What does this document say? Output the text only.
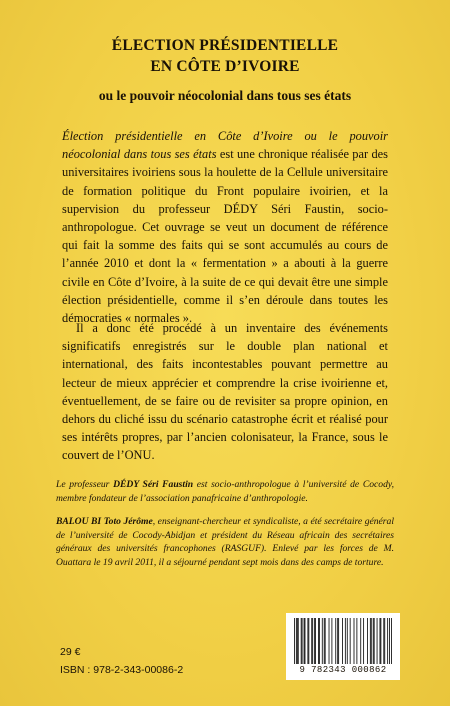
ÉLECTION PRÉSIDENTIELLE
EN CÔTE D’IVOIRE
ou le pouvoir néocolonial dans tous ses états
Élection présidentielle en Côte d’Ivoire ou le pouvoir néocolonial dans tous ses états est une chronique réalisée par des universitaires ivoiriens sous la houlette de la Cellule universitaire de formation politique du Front populaire ivoirien, et la supervision du professeur DÉDY Séri Faustin, socio-anthropologue. Cet ouvrage se veut un document de référence qui fait la somme des faits qui se sont accumulés au cours de l’année 2010 et dont la « fermentation » a abouti à la guerre civile en Côte d’Ivoire, à la suite de ce qui devait être une simple élection présidentielle, comme il s’en déroule dans toutes les démocraties « normales ».
Il a donc été procédé à un inventaire des événements significatifs enregistrés sur le double plan national et international, des faits incontestables pouvant permettre au lecteur de mieux apprécier et comprendre la crise ivoirienne et, éventuellement, de se faire ou de revisiter sa propre opinion, en dehors du cliché issu du scénario catastrophe écrit et réalisé pour ses intérêts propres, par l’ancien colonisateur, la France, sous le couvert de l’ONU.
Le professeur DÉDY Séri Faustin est socio-anthropologue à l’université de Cocody, membre fondateur de l’association panafricaine d’anthropologie.
BALOU BI Toto Jérôme, enseignant-chercheur et syndicaliste, a été secrétaire général de l’université de Cocody-Abidjan et président du Réseau africain des secrétaires généraux des universités francophones (RASGUF). Enlevé par les forces de M. Ouattara le 19 avril 2011, il a séjourné pendant sept mois dans des camps de torture.
29 €
ISBN : 978-2-343-00086-2	9 782343 000862
